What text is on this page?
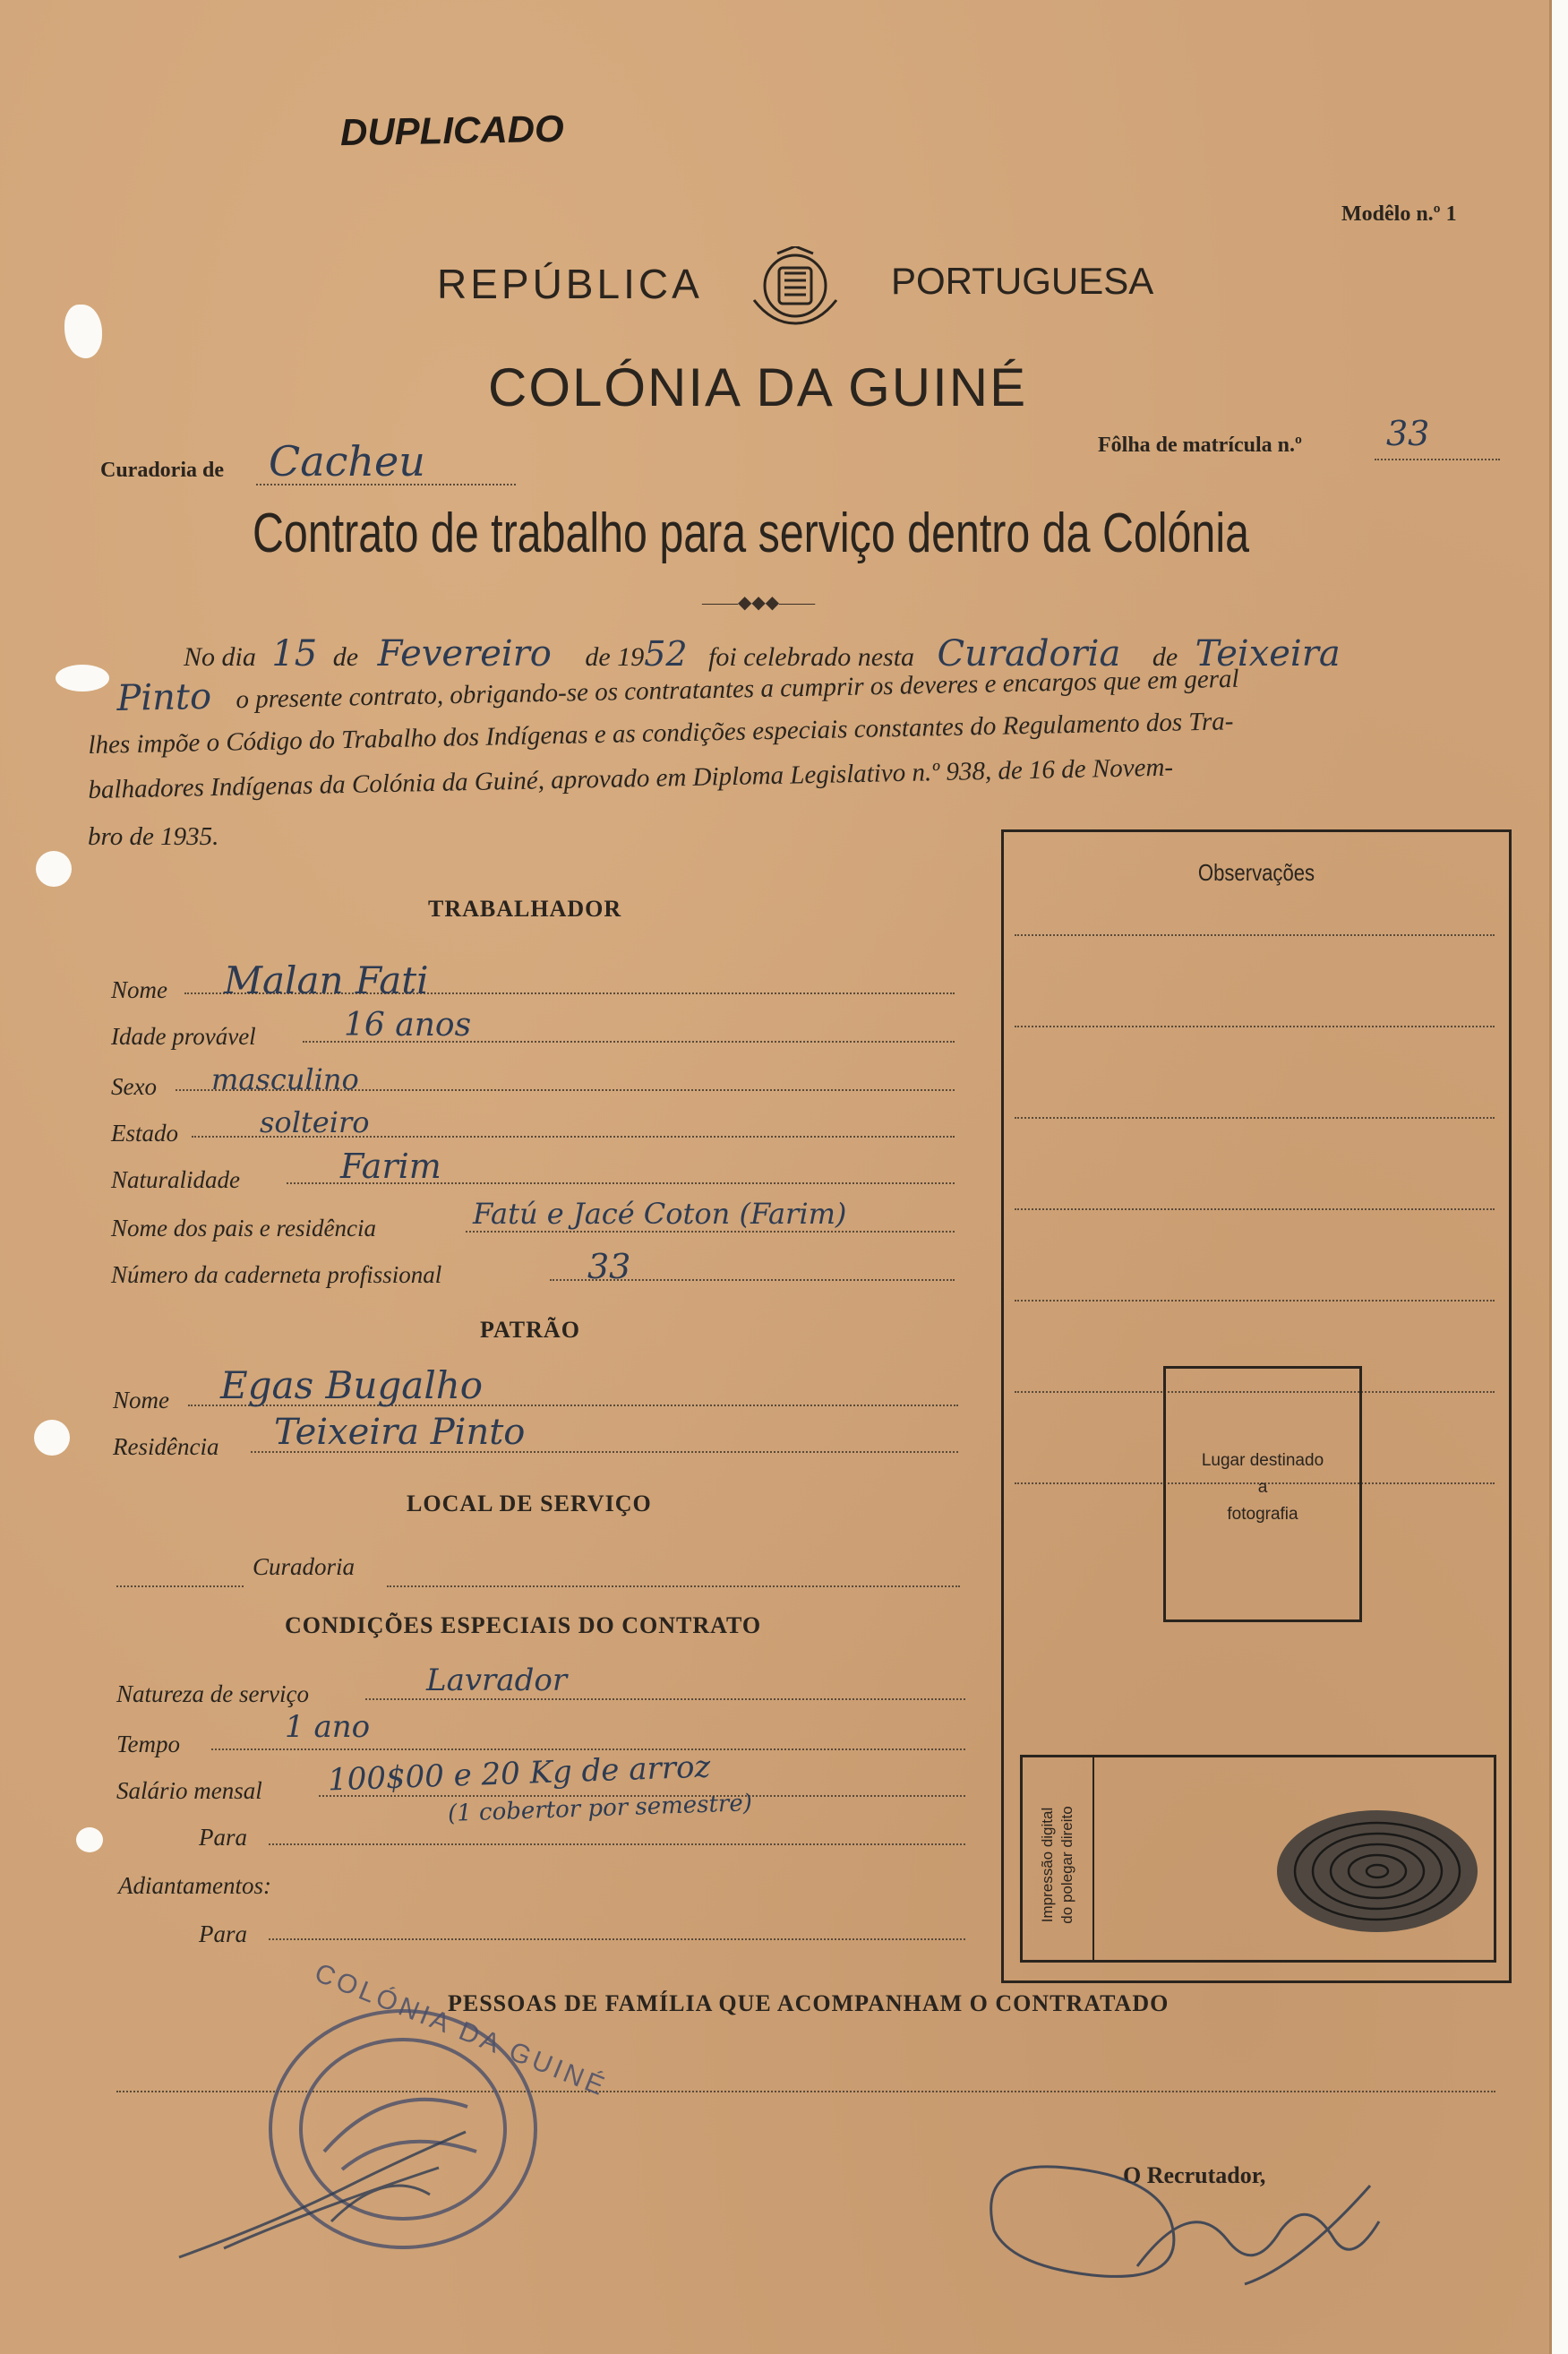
DUPLICADO
Modêlo n.º 1
REPÚBLICA	PORTUGUESA
COLÓNIA DA GUINÉ
Curadoria de Cacheu	Fôlha de matrícula n.º 33
Contrato de trabalho para serviço dentro da Colónia
——◆◆◆——
No dia 15 de Fevereiro de 1952 foi celebrado nesta Curadoria de Teixeira
Pinto o presente contrato, obrigando-se os contratantes a cumprir os deveres e encargos que em geral
lhes impõe o Código do Trabalho dos Indígenas e as condições especiais constantes do Regulamento dos Tra-
balhadores Indígenas da Colónia da Guiné, aprovado em Diploma Legislativo n.º 938, de 16 de Novem-
bro de 1935.
TRABALHADOR
Nome Malan Fati
Idade provável	16 anos
Sexo masculino
Estado	solteiro
Naturalidade	Farim
Nome dos pais e residência	Fatú e Jacé Coton (Farim)
Número da caderneta profissional	33
PATRÃO
Nome Egas Bugalho
Residência Teixeira Pinto
LOCAL DE SERVIÇO
Curadoria
CONDIÇÕES ESPECIAIS DO CONTRATO
Natureza de serviço	Lavrador
Tempo	1 ano
Salário mensal 100$00 e 20 Kg de arroz
(1 cobertor por semestre)
Para
Adiantamentos:
Para
Observações
Lugar destinado
a
fotografia
Impressão digital do polegar direito
PESSOAS DE FAMÍLIA QUE ACOMPANHAM O CONTRATADO
COLÓNIA DA GUINÉ
O Recrutador,
